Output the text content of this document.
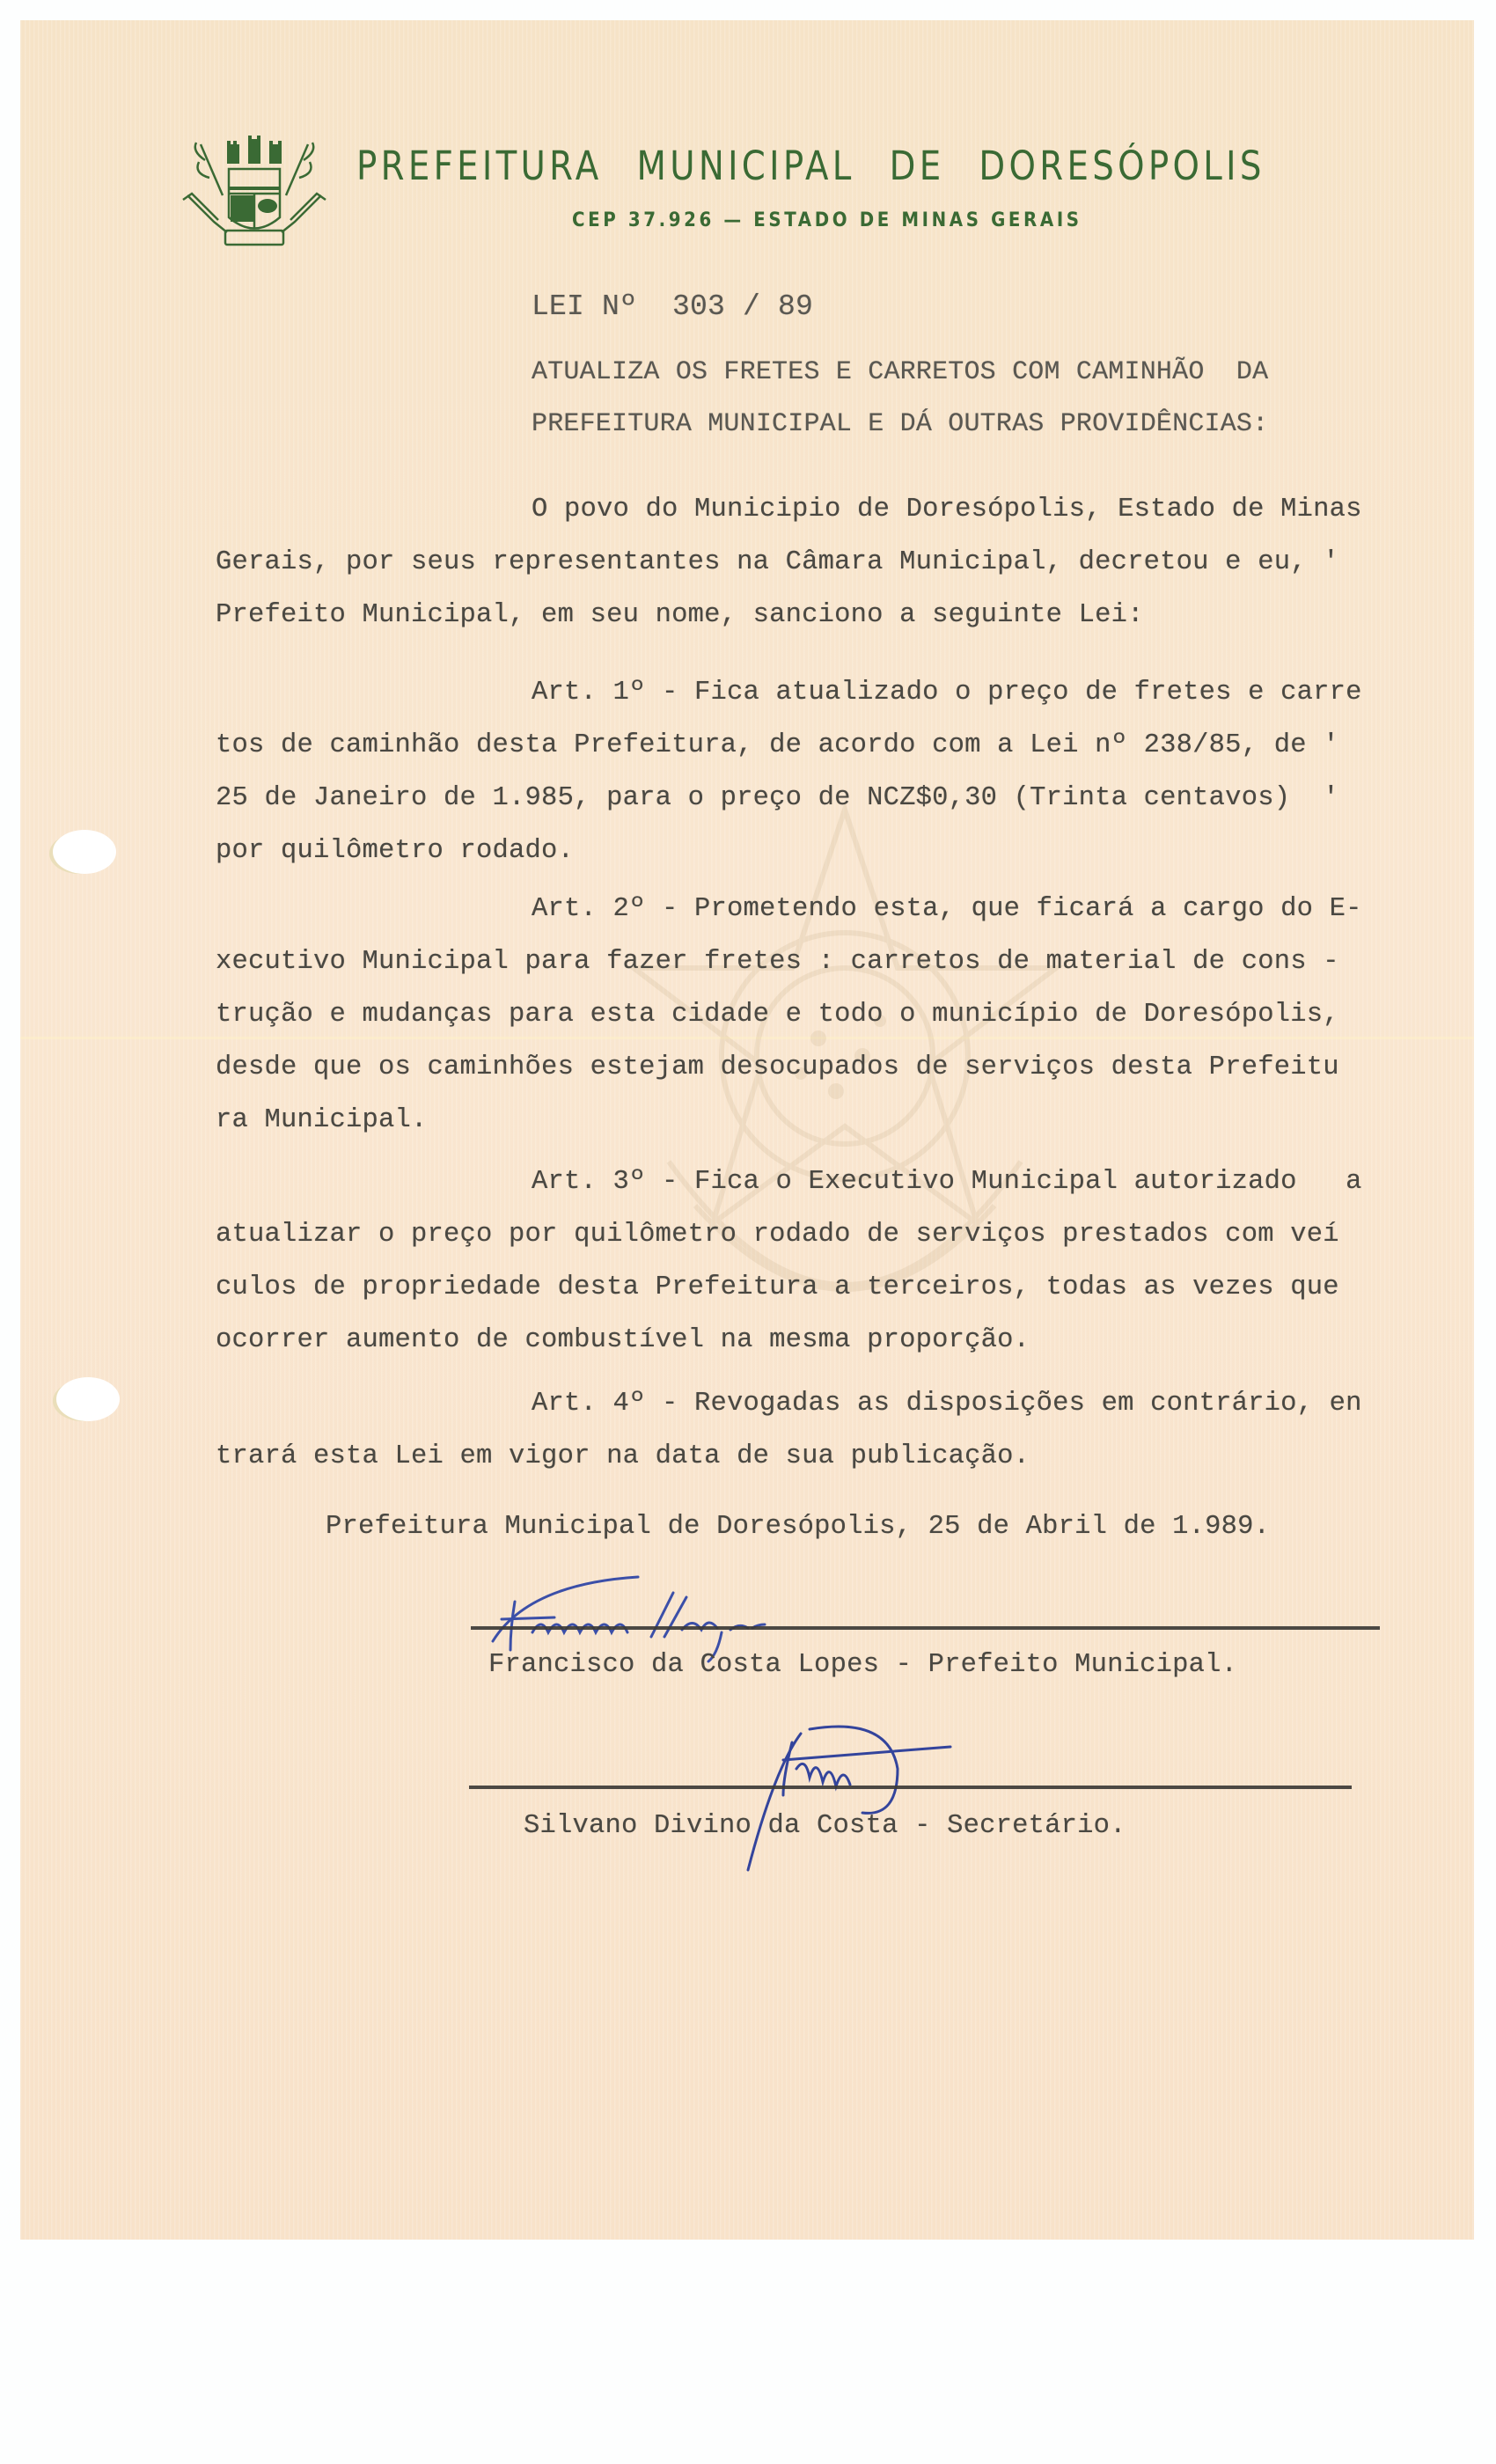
PREFEITURA MUNICIPAL DE DORESÓPOLIS
CEP 37.926 — ESTADO DE MINAS GERAIS
LEI Nº  303 / 89
ATUALIZA OS FRETES E CARRETOS COM CAMINHÃO  DA
PREFEITURA MUNICIPAL E DÁ OUTRAS PROVIDÊNCIAS:
O povo do Municipio de Doresópolis, Estado de Minas
Gerais, por seus representantes na Câmara Municipal, decretou e eu, '
Prefeito Municipal, em seu nome, sanciono a seguinte Lei:
Art. 1º - Fica atualizado o preço de fretes e carre
tos de caminhão desta Prefeitura, de acordo com a Lei nº 238/85, de '
25 de Janeiro de 1.985, para o preço de NCZ$0,30 (Trinta centavos)  '
por quilômetro rodado.
Art. 2º - Prometendo esta, que ficará a cargo do E-
xecutivo Municipal para fazer fretes : carretos de material de cons -
trução e mudanças para esta cidade e todo o município de Doresópolis,
desde que os caminhões estejam desocupados de serviços desta Prefeitu
ra Municipal.
Art. 3º - Fica o Executivo Municipal autorizado   a
atualizar o preço por quilômetro rodado de serviços prestados com veí
culos de propriedade desta Prefeitura a terceiros, todas as vezes que
ocorrer aumento de combustível na mesma proporção.
Art. 4º - Revogadas as disposições em contrário, en
trará esta Lei em vigor na data de sua publicação.
Prefeitura Municipal de Doresópolis, 25 de Abril de 1.989.
Francisco da Costa Lopes - Prefeito Municipal.
Silvano Divino da Costa - Secretário.
